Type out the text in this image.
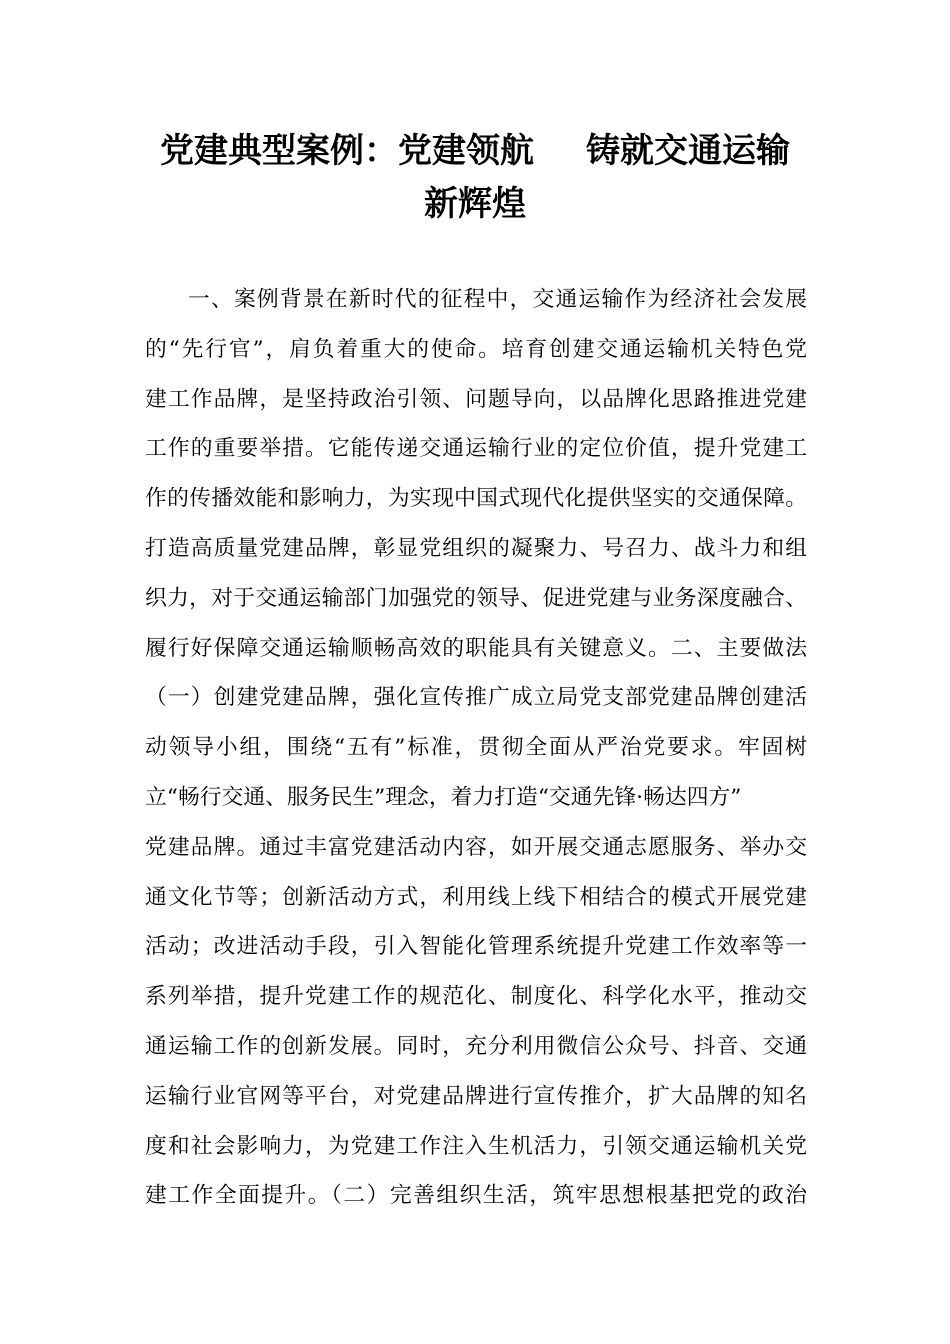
党建典型案例：党建领航 铸就交通运输
新辉煌
一、案例背景在新时代的征程中，交通运输作为经济社会发展
的“先行官”，肩负着重大的使命。培育创建交通运输机关特色党
建工作品牌，是坚持政治引领、问题导向，以品牌化思路推进党建
工作的重要举措。它能传递交通运输行业的定位价值，提升党建工
作的传播效能和影响力，为实现中国式现代化提供坚实的交通保障。
打造高质量党建品牌，彰显党组织的凝聚力、号召力、战斗力和组
织力，对于交通运输部门加强党的领导、促进党建与业务深度融合、
履行好保障交通运输顺畅高效的职能具有关键意义。二、主要做法
（一）创建党建品牌，强化宣传推广成立局党支部党建品牌创建活
动领导小组，围绕“五有”标准，贯彻全面从严治党要求。牢固树
立“畅行交通、服务民生”理念，着力打造“交通先锋·畅达四方”
党建品牌。通过丰富党建活动内容，如开展交通志愿服务、举办交
通文化节等；创新活动方式，利用线上线下相结合的模式开展党建
活动；改进活动手段，引入智能化管理系统提升党建工作效率等一
系列举措，提升党建工作的规范化、制度化、科学化水平，推动交
通运输工作的创新发展。同时，充分利用微信公众号、抖音、交通
运输行业官网等平台，对党建品牌进行宣传推介，扩大品牌的知名
度和社会影响力，为党建工作注入生机活力，引领交通运输机关党
建工作全面提升。（二）完善组织生活，筑牢思想根基把党的政治
